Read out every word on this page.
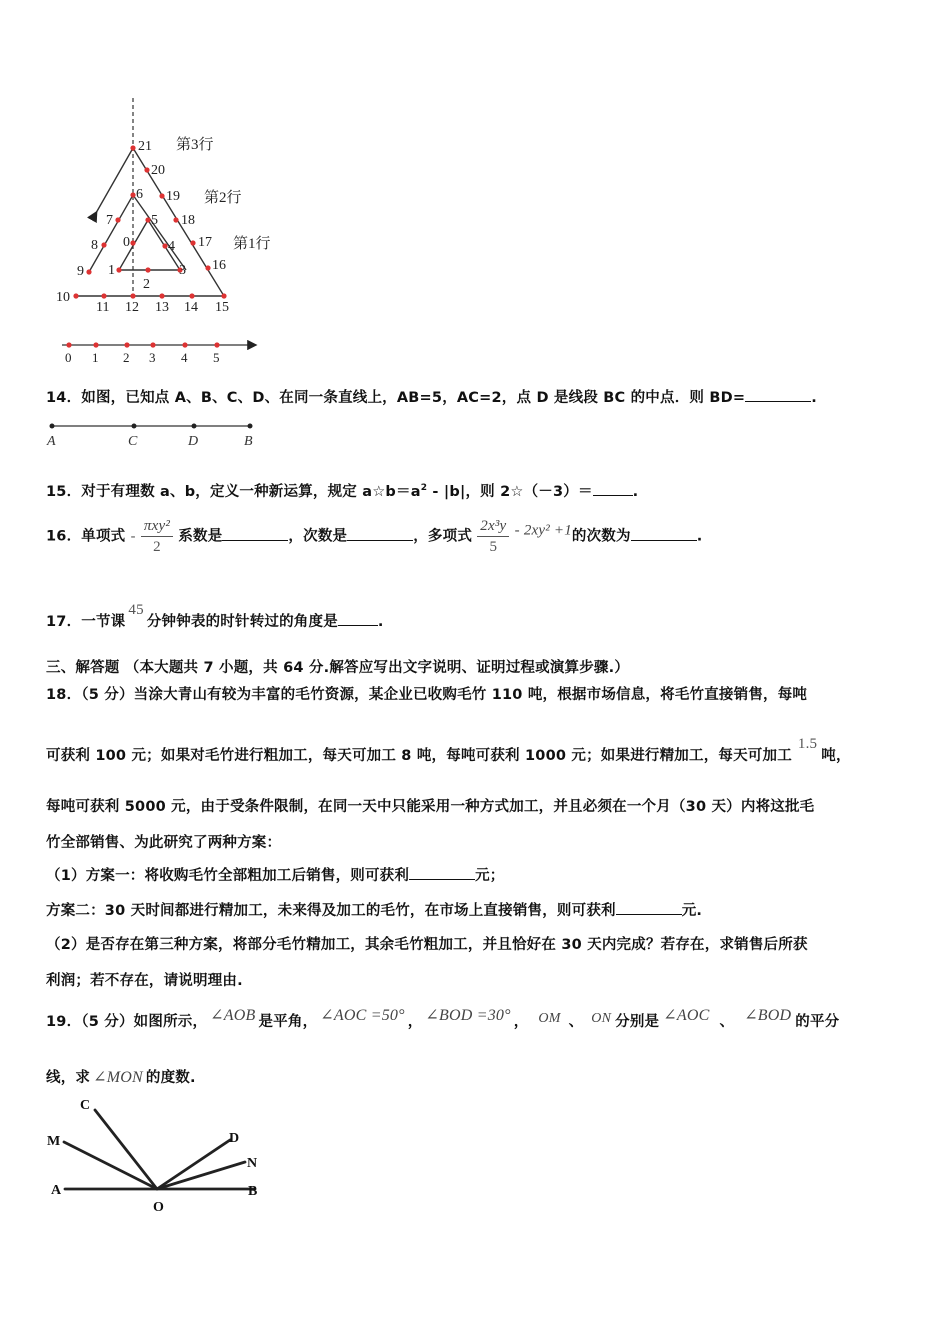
0
1
2
3
4
5
6
7
8
9
10
11 12 13 14 15
16
17
18
19
20
21 第3行
第2行
第1行
0 1 2 3 4 5
14．如图，已知点 A、B、C、D、在同一条直线上，AB=5，AC=2，点 D 是线段 BC 的中点．则 BD=	.
A	C	D	B
15．对于有理数 a、b，定义一种新运算，规定 $a☆b=a^2 - |b|$，则 2☆（－3）＝	.
16．单项式 - $\frac{\text{πxy²}}{2}$ 系数是	，次数是	，多项式 $\frac{\text{2x³y}}{5} - 2xy^2 +1$的次数为	.
17．一节课45分钟钟表的时针转过的角度是	.
三、解答题 （本大题共 7 小题，共 64 分.解答应写出文字说明、证明过程或演算步骤.）
18．（5 分）当涂大青山有较为丰富的毛竹资源，某企业已收购毛竹 110 吨，根据市场信息，将毛竹直接销售，每吨
可获利 100 元；如果对毛竹进行粗加工，每天可加工 8 吨，每吨可获利 1000 元；如果进行精加工，每天可加工1.5吨，
每吨可获利 5000 元，由于受条件限制，在同一天中只能采用一种方式加工，并且必须在一个月（30 天）内将这批毛
竹全部销售、为此研究了两种方案：
（1）方案一：将收购毛竹全部粗加工后销售，则可获利	元；
方案二：30 天时间都进行精加工，未来得及加工的毛竹，在市场上直接销售，则可获利	元.
（2）是否存在第三种方案，将部分毛竹精加工，其余毛竹粗加工，并且恰好在 30 天内完成？若存在，求销售后所获
利润；若不存在，请说明理由.
19．（5 分）如图所示， ∠AOB 是平角， ∠AOC =50° ， ∠BOD =30° ， OM 、 ON 分别是 ∠AOC 、 ∠BOD 的平分
线，求 ∠MON 的度数.
C
M
A
O
D
N
B
